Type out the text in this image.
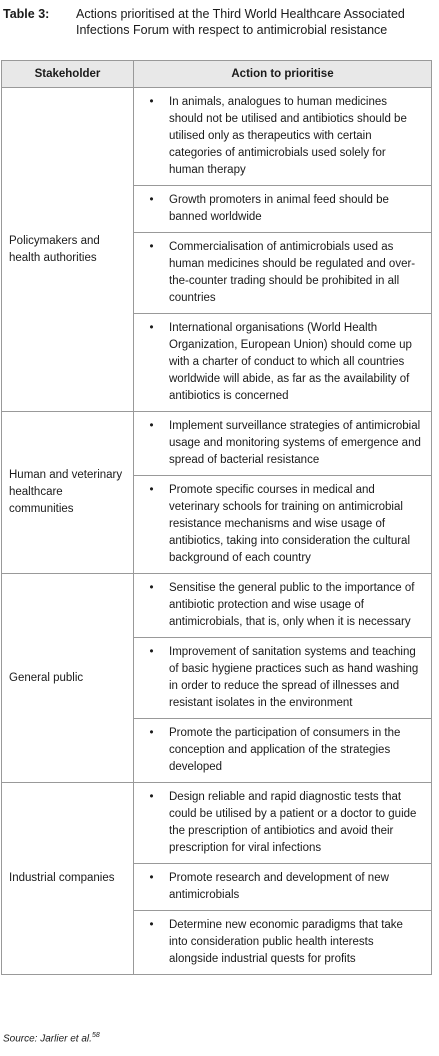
Table 3: Actions prioritised at the Third World Healthcare Associated Infections Forum with respect to antimicrobial resistance
Stakeholder	Action to prioritise
Policymakers and health authorities	• In animals, analogues to human medicines should not be utilised and antibiotics should be utilised only as therapeutics with certain categories of antimicrobials used solely for human therapy

	• Growth promoters in animal feed should be banned worldwide

	• Commercialisation of antimicrobials used as human medicines should be regulated and over-the-counter trading should be prohibited in all countries

	• International organisations (World Health Organization, European Union) should come up with a charter of conduct to which all countries worldwide will abide, as far as the availability of antibiotics is concerned

Human and veterinary healthcare communities	• Implement surveillance strategies of antimicrobial usage and monitoring systems of emergence and spread of bacterial resistance

	• Promote specific courses in medical and veterinary schools for training on antimicrobial resistance mechanisms and wise usage of antibiotics, taking into consideration the cultural background of each country

General public	• Sensitise the general public to the importance of antibiotic protection and wise usage of antimicrobials, that is, only when it is necessary

	• Improvement of sanitation systems and teaching of basic hygiene practices such as hand washing in order to reduce the spread of illnesses and resistant isolates in the environment

	• Promote the participation of consumers in the conception and application of the strategies developed

Industrial companies	• Design reliable and rapid diagnostic tests that could be utilised by a patient or a doctor to guide the prescription of antibiotics and avoid their prescription for viral infections

	• Promote research and development of new antimicrobials

	• Determine new economic paradigms that take into consideration public health interests alongside industrial quests for profits
Source: Jarlier et al.$^{58}$
